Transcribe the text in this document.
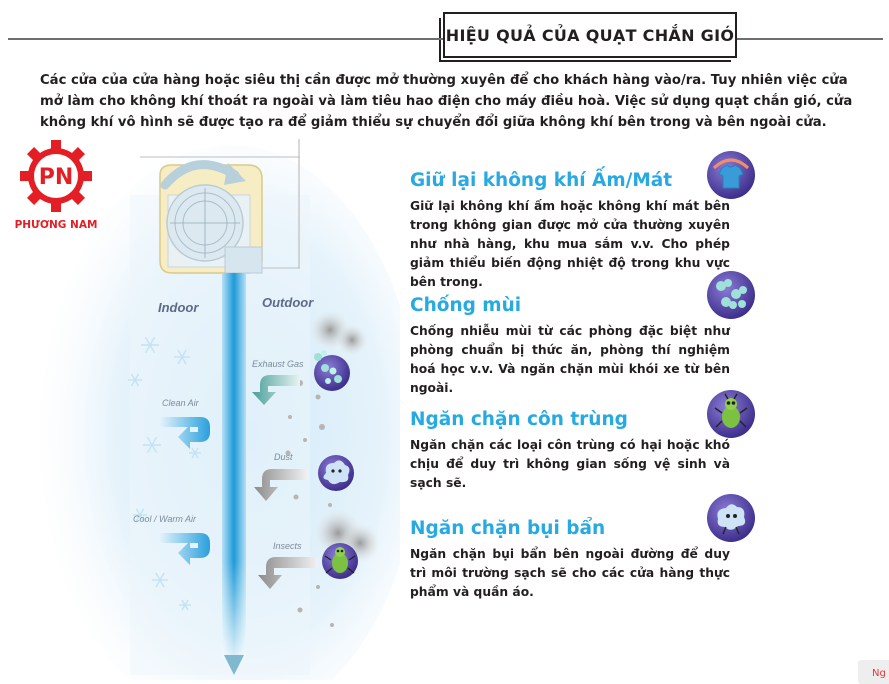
HIỆU QUẢ CỦA QUẠT CHẮN GIÓ
Các cửa của cửa hàng hoặc siêu thị cần được mở thường xuyên để cho khách hàng vào/ra. Tuy nhiên việc cửa mở làm cho không khí thoát ra ngoài và làm tiêu hao điện cho máy điều hoà. Việc sử dụng quạt chắn gió, cửa không khí vô hình sẽ được tạo ra để giảm thiểu sự chuyển đổi giữa không khí bên trong và bên ngoài cửa.
Indoor	Outdoor
Clean Air
Cool / Warm Air
Exhaust Gas
Dust
Insects
PN
PHƯƠNG NAM
Giữ lại không khí Ấm/Mát

Giữ lại không khí ấm hoặc không khí mát bên trong không gian được mở cửa thường xuyên như nhà hàng, khu mua sắm v.v. Cho phép giảm thiểu biến động nhiệt độ trong khu vực bên trong.

Chống mùi

Chống nhiễu mùi từ các phòng đặc biệt như phòng chuẩn bị thức ăn, phòng thí nghiệm hoá học v.v. Và ngăn chặn mùi khói xe từ bên ngoài.

Ngăn chặn côn trùng

Ngăn chặn các loại côn trùng có hại hoặc khó chịu để duy trì không gian sống vệ sinh và sạch sẽ.

Ngăn chặn bụi bẩn

Ngăn chặn bụi bẩn bên ngoài đường để duy trì môi trường sạch sẽ cho các cửa hàng thực phẩm và quần áo.

Ng
